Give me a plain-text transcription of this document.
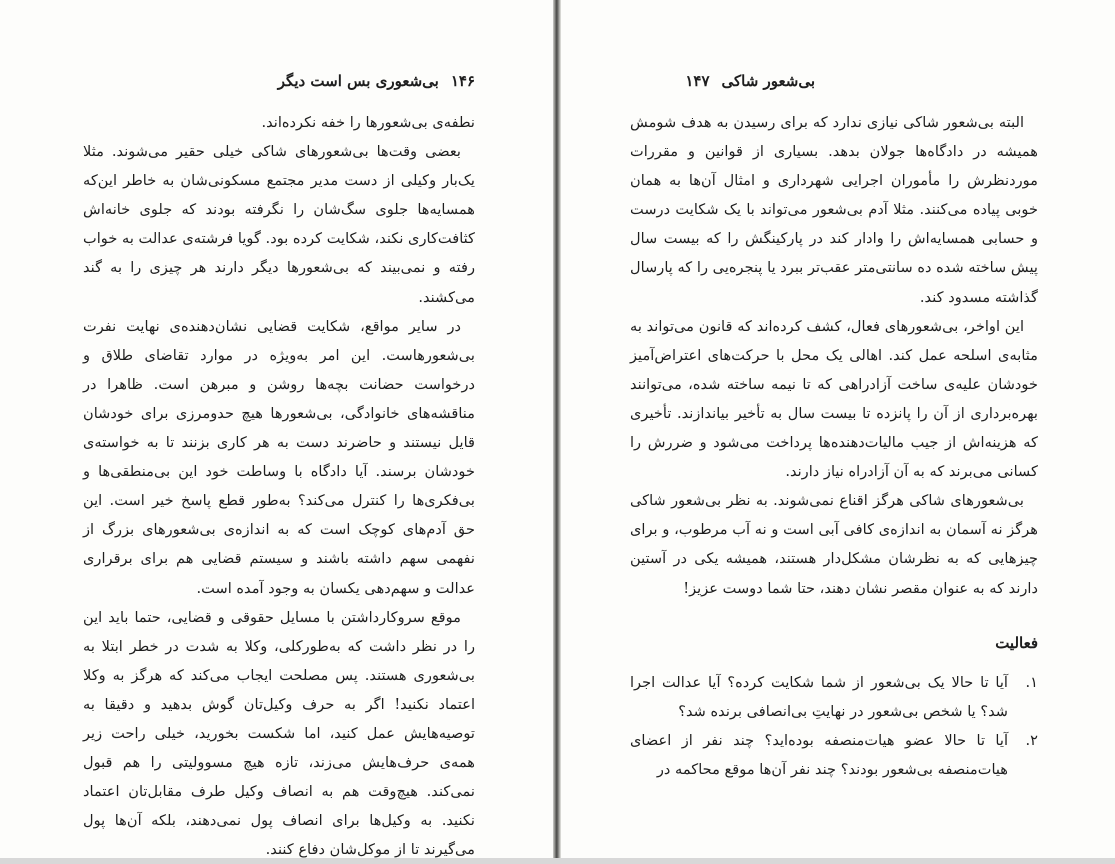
۱۴۶
بی‌شعوری بس است دیگر

نطفه‌ی بی‌شعورها را خفه نکرده‌اند.

بعضی وقت‌ها بی‌شعورهای شاکی خیلی حقیر می‌شوند. مثلا یک‌بار وکیلی از دست مدیر مجتمع مسکونی‌شان به خاطر این‌که همسایه‌ها جلوی سگ‌شان را نگرفته بودند که جلوی خانه‌اش کثافت‌کاری نکند، شکایت کرده بود. گویا فرشته‌ی عدالت به خواب رفته و نمی‌بیند که بی‌شعورها دیگر دارند هر چیزی را به گند می‌کشند.

در سایر مواقع، شکایت قضایی نشان‌دهنده‌ی نهایت نفرت بی‌شعورهاست. این امر به‌ویژه در موارد تقاضای طلاق و درخواست حضانت بچه‌ها روشن و مبرهن است. ظاهرا در مناقشه‌های خانوادگی، بی‌شعورها هیچ حدومرزی برای خودشان قایل نیستند و حاضرند دست به هر کاری بزنند تا به خواسته‌ی خودشان برسند. آیا دادگاه با وساطت خود این بی‌منطقی‌ها و بی‌فکری‌ها را کنترل می‌کند؟ به‌طور قطع پاسخ خیر است. این حق آدم‌های کوچک است که به اندازه‌ی بی‌شعورهای بزرگ از نفهمی سهم داشته باشند و سیستم قضایی هم برای برقراری عدالت و سهم‌دهی یکسان به وجود آمده است.

موقع سروکارداشتن با مسایل حقوقی و قضایی، حتما باید این را در نظر داشت که به‌طورکلی، وکلا به شدت در خطر ابتلا به بی‌شعوری هستند. پس مصلحت ایجاب می‌کند که هرگز به وکلا اعتماد نکنید! اگر به حرف وکیل‌تان گوش بدهید و دقیقا به توصیه‌هایش عمل کنید، اما شکست بخورید، خیلی راحت زیر همه‌ی حرف‌هایش می‌زند، تازه هیچ مسوولیتی را هم قبول نمی‌کند. هیچ‌وقت هم به انصاف وکیل طرف مقابل‌تان اعتماد نکنید. به وکیل‌ها برای انصاف پول نمی‌دهند، بلکه آن‌ها پول می‌گیرند تا از موکل‌شان دفاع کنند.

بی‌شعور شاکی
۱۴۷

البته بی‌شعور شاکی نیازی ندارد که برای رسیدن به هدف شومش همیشه در دادگاه‌ها جولان بدهد. بسیاری از قوانین و مقررات موردنظرش را مأموران اجرایی شهرداری و امثال آن‌ها به همان خوبی پیاده می‌کنند. مثلا آدم بی‌شعور می‌تواند با یک شکایت درست و حسابی همسایه‌اش را وادار کند در پارکینگش را که بیست سال پیش ساخته شده ده سانتی‌متر عقب‌تر ببرد یا پنجره‌یی را که پارسال گذاشته مسدود کند.

این اواخر، بی‌شعورهای فعال، کشف کرده‌اند که قانون می‌تواند به مثابه‌ی اسلحه عمل کند. اهالی یک محل با حرکت‌های اعتراض‌آمیز خودشان علیه‌ی ساخت آزادراهی که تا نیمه ساخته شده، می‌توانند بهره‌برداری از آن را پانزده تا بیست سال به تأخیر بیاندازند. تأخیری که هزینه‌اش از جیب مالیات‌دهنده‌ها پرداخت می‌شود و ضررش را کسانی می‌برند که به آن آزادراه نیاز دارند.

بی‌شعورهای شاکی هرگز اقناع نمی‌شوند. به نظر بی‌شعور شاکی هرگز نه آسمان به اندازه‌ی کافی آبی است و نه آب مرطوب، و برای چیزهایی که به نظرشان مشکل‌دار هستند، همیشه یکی در آستین دارند که به عنوان مقصر نشان دهند، حتا شما دوست عزیز!

فعالیت
۱.
آیا تا حالا یک بی‌شعور از شما شکایت کرده؟ آیا عدالت اجرا شد؟ یا شخص بی‌شعور در نهایتِ بی‌انصافی برنده شد؟
۲.
آیا تا حالا عضو هیات‌منصفه بوده‌اید؟ چند نفر از اعضای هیات‌منصفه بی‌شعور بودند؟ چند نفر آن‌ها موقع محاکمه در
